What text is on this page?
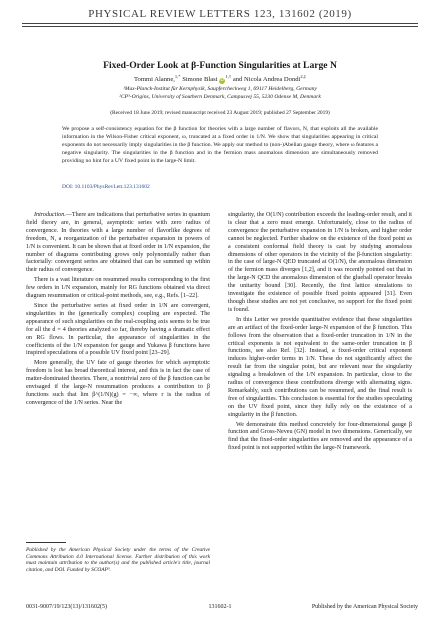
PHYSICAL REVIEW LETTERS 123, 131602 (2019)
Fixed-Order Look at β-Function Singularities at Large N
Tommi Alanne,$^{1,*}$ Simone Blasi $iD^{1,\dagger}$ and Nicola Andrea Dondi$^{2,\ddagger}$
¹Max-Planck-Institut für Kernphysik, Saupfercheckweg 1, 69117 Heidelberg, Germany
²CP³-Origins, University of Southern Denmark, Campusvej 55, 5230 Odense M, Denmark
(Received 18 June 2019; revised manuscript received 23 August 2019; published 27 September 2019)
We propose a self-consistency equation for the β function for theories with a large number of flavors, N, that exploits all the available information in the Wilson-Fisher critical exponent, ω, truncated at a fixed order in 1/N. We show that singularities appearing in critical exponents do not necessarily imply singularities in the β function. We apply our method to (non-)Abelian gauge theory, where ω features a negative singularity. The singularities in the β function and in the fermion mass anomalous dimension are simultaneously removed providing no hint for a UV fixed point in the large-N limit.
DOI: 10.1103/PhysRevLett.123.131602

Introduction.—There are indications that perturbative series in quantum field theory are, in general, asymptotic series with zero radius of convergence. In theories with a large number of flavorlike degrees of freedom, N, a reorganization of the perturbative expansion in powers of 1/N is convenient. It can be shown that at fixed order in 1/N expansion, the number of diagrams contributing grows only polynomially rather than factorially: convergent series are obtained that can be summed up within their radius of convergence.

There is a vast literature on resummed results corresponding to the first few orders in 1/N expansion, mainly for RG functions obtained via direct diagram resummation or critical-point methods, see, e.g., Refs. [1–22].

Since the perturbative series at fixed order in 1/N are convergent, singularities in the (generically complex) coupling are expected. The appearance of such singularities on the real-coupling axis seems to be true for all the d = 4 theories analyzed so far, thereby having a dramatic effect on RG flows. In particular, the appearance of singularities in the coefficients of the 1/N expansion for gauge and Yukawa β functions have inspired speculations of a possible UV fixed point [23–29].

More generally, the UV fate of gauge theories for which asymptotic freedom is lost has broad theoretical interest, and this is in fact the case of matter-dominated theories. There, a nontrivial zero of the β function can be envisaged if the large-N resummation produces a contribution to β functions such that lim β^(1/N)(g) = −∞, where r is the radius of convergence of the 1/N series. Near the

singularity, the O(1/N) contribution exceeds the leading-order result, and it is clear that a zero must emerge. Unfortunately, close to the radius of convergence the perturbative expansion in 1/N is broken, and higher order cannot be neglected. Further shadow on the existence of the fixed point as a consistent conformal field theory is cast by studying anomalous dimensions of other operators in the vicinity of the β-function singularity: in the case of large-N QED truncated at O(1/N), the anomalous dimension of the fermion mass diverges [1,2], and it was recently pointed out that in the large-N QCD the anomalous dimension of the glueball operator breaks the unitarity bound [30]. Recently, the first lattice simulations to investigate the existence of possible fixed points appeared [31]. Even though these studies are not yet conclusive, no support for the fixed point is found.

In this Letter we provide quantitative evidence that these singularities are an artifact of the fixed-order large-N expansion of the β function. This follows from the observation that a fixed-order truncation in 1/N in the critical exponents is not equivalent to the same-order truncation in β functions, see also Ref. [32]. Instead, a fixed-order critical exponent induces higher-order terms in 1/N. These do not significantly affect the result far from the singular point, but are relevant near the singularity signaling a breakdown of the 1/N expansion. In particular, close to the radius of convergence these contributions diverge with alternating signs. Remarkably, such contributions can be resummed, and the final result is free of singularities. This conclusion is essential for the studies speculating on the UV fixed point, since they fully rely on the existence of a singularity in the β function.

We demonstrate this method concretely for four-dimensional gauge β function and Gross-Neveu (GN) model in two dimensions. Generically, we find that the fixed-order singularities are removed and the appearance of a fixed point is not supported within the large-N framework.

Published by the American Physical Society under the terms of the Creative Commons Attribution 4.0 International license. Further distribution of this work must maintain attribution to the author(s) and the published article's title, journal citation, and DOI. Funded by SCOAP³.
0031-9007/19/123(13)/131602(5)	131602-1	Published by the American Physical Society
